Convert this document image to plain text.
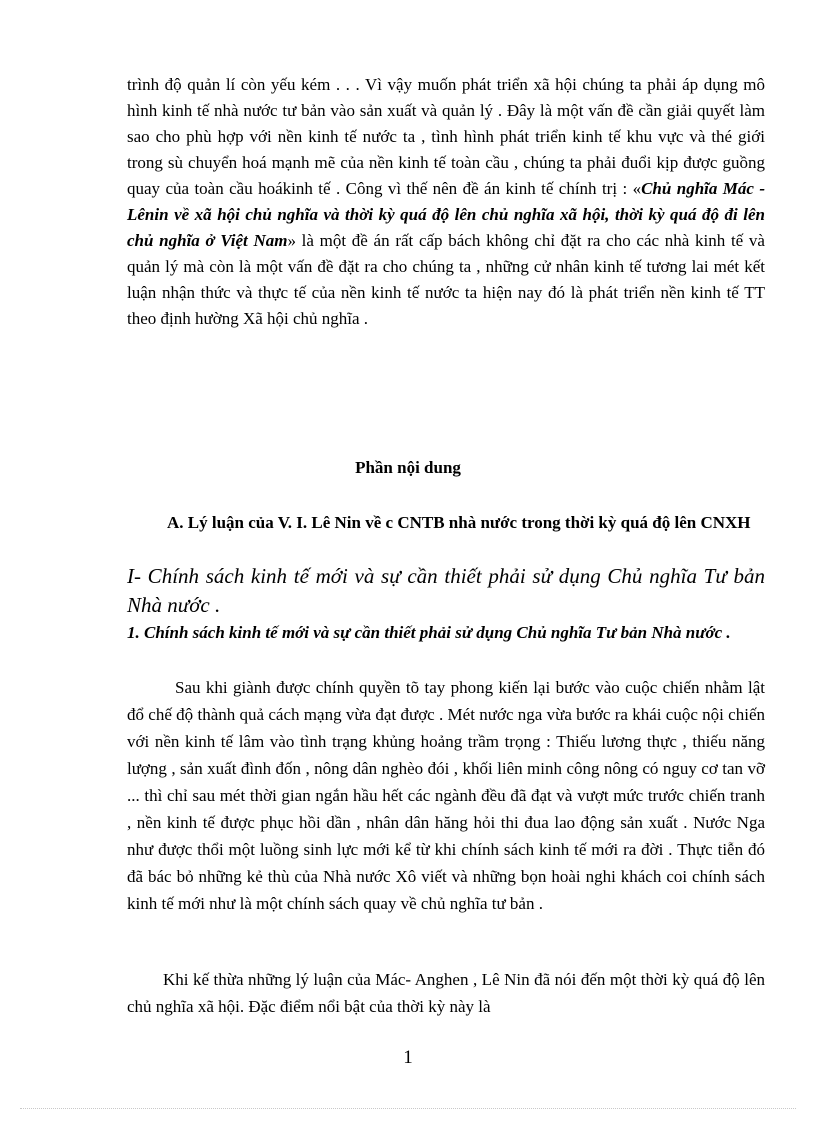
trình độ quản lí còn yếu kém . . . Vì vậy muốn phát triển xã hội chúng ta phải áp dụng mô hình kinh tế nhà nước tư bản vào sản xuất và quản lý . Đây là một vấn đề cần giải quyết làm sao cho phù hợp với nền kinh tế nước ta , tình hình phát triển kinh tế khu vực và thé giới trong sù chuyển hoá mạnh mẽ của nền kinh tế toàn cầu , chúng ta phải đuổi kịp được guồng quay của toàn cầu hoákinh tế . Công vì thế nên đề án kinh tế chính trị : «Chủ nghĩa Mác - Lênin về xã hội chủ nghĩa và thời kỳ quá độ lên chủ nghĩa xã hội, thời kỳ quá độ đi lên chủ nghĩa ở Việt Nam» là một đề án rất cấp bách không chỉ đặt ra cho các nhà kinh tế và quản lý mà còn là một vấn đề đặt ra cho chúng ta , những cử nhân kinh tế tương lai mét kết luận nhận thức và thực tế của nền kinh tế nước ta hiện nay đó là phát triển nền kinh tế TT theo định hường Xã hội chủ nghĩa .

Phần nội dung

A. Lý luận của V. I. Lê Nin về c CNTB nhà nước trong thời kỳ quá độ lên CNXH

I- Chính sách kinh tế mới và sự cần thiết phải sử dụng Chủ nghĩa Tư bản Nhà nước .

1. Chính sách kinh tế mới và sự cần thiết phải sử dụng Chủ nghĩa Tư bản Nhà nước .

Sau khi giành được chính quyền tõ tay phong kiến lại bước vào cuộc chiến nhằm lật đổ chế độ thành quả cách mạng vừa đạt được . Mét nước nga vừa bước ra khái cuộc nội chiến với nền kinh tế lâm vào tình trạng khủng hoảng trầm trọng : Thiếu lương thực , thiếu năng lượng , sản xuất đình đốn , nông dân nghèo đói , khối liên minh công nông có nguy cơ tan vỡ ... thì chỉ sau mét thời gian ngắn hầu hết các ngành đều đã đạt và vượt mức trước chiến tranh , nền kinh tế được phục hồi dần , nhân dân hăng hỏi thi đua lao động sản xuất . Nước Nga như được thổi một luồng sinh lực mới kể từ khi chính sách kinh tế mới ra đời . Thực tiễn đó đã bác bỏ những kẻ thù của Nhà nước Xô viết và những bọn hoài nghi khách coi chính sách kinh tế mới như là một chính sách quay về chủ nghĩa tư bản .

Khi kế thừa những lý luận của Mác- Anghen , Lê Nin đã nói đến một thời kỳ quá độ lên chủ nghĩa xã hội. Đặc điểm nổi bật của thời kỳ này là

1
